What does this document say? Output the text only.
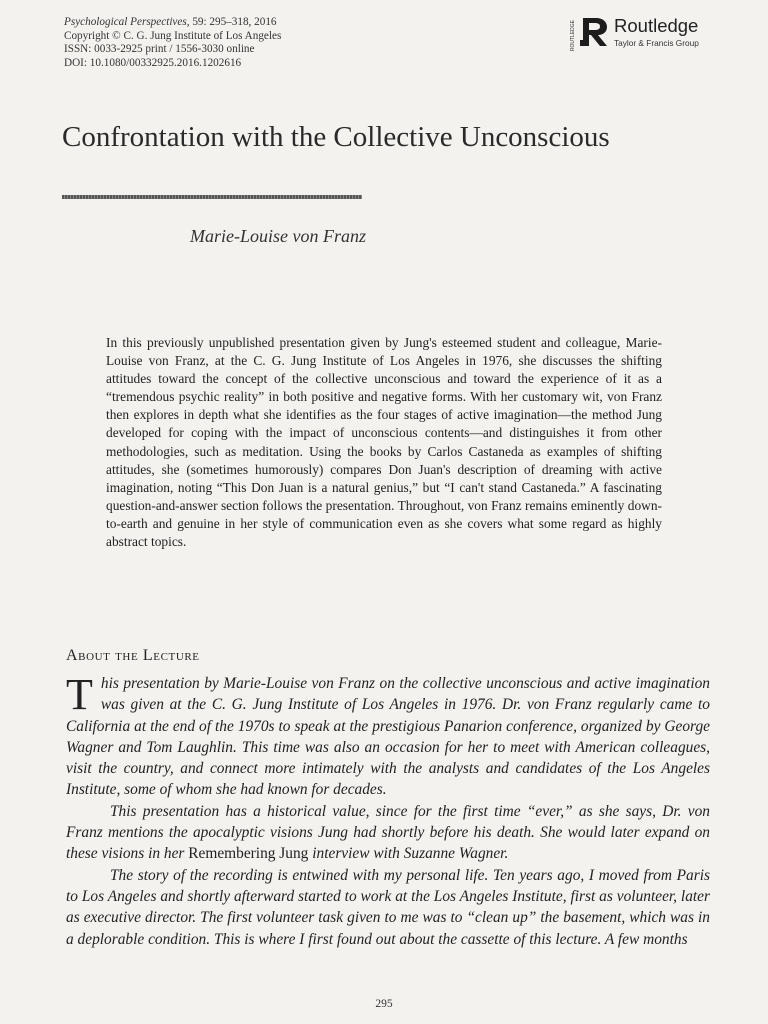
Psychological Perspectives, 59: 295–318, 2016
Copyright © C. G. Jung Institute of Los Angeles
ISSN: 0033-2925 print / 1556-3030 online
DOI: 10.1080/00332925.2016.1202616
ROUTLEDGE Routledge
Taylor & Francis Group
Confrontation with the Collective Unconscious
Marie-Louise von Franz

In this previously unpublished presentation given by Jung's esteemed student and colleague, Marie-Louise von Franz, at the C. G. Jung Institute of Los Angeles in 1976, she discusses the shifting attitudes toward the concept of the collective unconscious and toward the experience of it as a “tremendous psychic reality” in both positive and negative forms. With her customary wit, von Franz then explores in depth what she identifies as the four stages of active imagination—the method Jung developed for coping with the impact of unconscious contents—and distinguishes it from other methodologies, such as meditation. Using the books by Carlos Castaneda as examples of shifting attitudes, she (sometimes humorously) compares Don Juan's description of dreaming with active imagination, noting “This Don Juan is a natural genius,” but “I can't stand Castaneda.” A fascinating question-and-answer section follows the presentation. Throughout, von Franz remains eminently down-to-earth and genuine in her style of communication even as she covers what some regard as highly abstract topics.

About the Lecture

This presentation by Marie-Louise von Franz on the collective unconscious and active imagination was given at the C. G. Jung Institute of Los Angeles in 1976. Dr. von Franz regularly came to California at the end of the 1970s to speak at the prestigious Panarion conference, organized by George Wagner and Tom Laughlin. This time was also an occasion for her to meet with American colleagues, visit the country, and connect more intimately with the analysts and candidates of the Los Angeles Institute, some of whom she had known for decades.

This presentation has a historical value, since for the first time “ever,” as she says, Dr. von Franz mentions the apocalyptic visions Jung had shortly before his death. She would later expand on these visions in her Remembering Jung interview with Suzanne Wagner.

The story of the recording is entwined with my personal life. Ten years ago, I moved from Paris to Los Angeles and shortly afterward started to work at the Los Angeles Institute, first as volunteer, later as executive director. The first volunteer task given to me was to “clean up” the basement, which was in a deplorable condition. This is where I first found out about the cassette of this lecture. A few months

295
